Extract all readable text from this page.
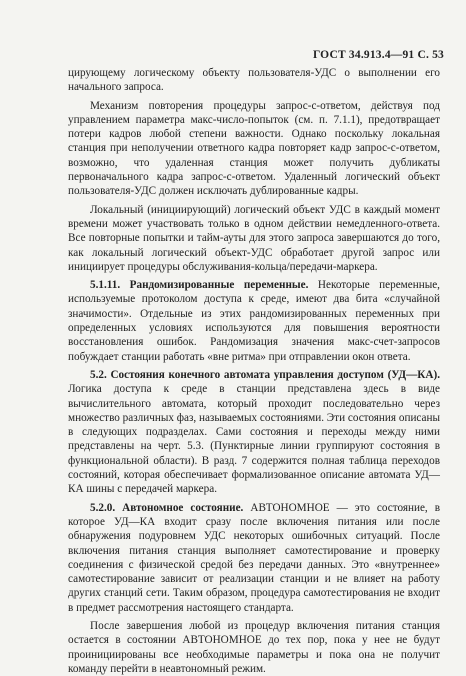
ГОСТ 34.913.4—91 С. 53

цирующему логическому объекту пользователя-УДС о выполнении его начального запроса.

Механизм повторения процедуры запрос-с-ответом, действуя под управлением параметра макс-число-попыток (см. п. 7.1.1), предотвращает потери кадров любой степени важности. Однако поскольку локальная станция при неполучении ответного кадра повторяет кадр запрос-с-ответом, возможно, что удаленная станция может получить дубликаты первоначального кадра запрос-с-ответом. Удаленный логический объект пользователя-УДС должен исключать дублированные кадры.

Локальный (инициирующий) логический объект УДС в каждый момент времени может участвовать только в одном действии немедленного-ответа. Все повторные попытки и тайм-ауты для этого запроса завершаются до того, как локальный логический объект-УДС обработает другой запрос или инициирует процедуры обслуживания-кольца/передачи-маркера.

5.1.11. Рандомизированные переменные. Некоторые переменные, используемые протоколом доступа к среде, имеют два бита «случайной значимости». Отдельные из этих рандомизированных переменных при определенных условиях используются для повышения вероятности восстановления ошибок. Рандомизация значения макс-счет-запросов побуждает станции работать «вне ритма» при отправлении окон ответа.

5.2. Состояния конечного автомата управления доступом (УД—КА). Логика доступа к среде в станции представлена здесь в виде вычислительного автомата, который проходит последовательно через множество различных фаз, называемых состояниями. Эти состояния описаны в следующих подразделах. Сами состояния и переходы между ними представлены на черт. 5.3. (Пунктирные линии группируют состояния в функциональной области). В разд. 7 содержится полная таблица переходов состояний, которая обеспечивает формализованное описание автомата УД—КА шины с передачей маркера.

5.2.0. Автономное состояние. АВТОНОМНОЕ — это состояние, в которое УД—КА входит сразу после включения питания или после обнаружения подуровнем УДС некоторых ошибочных ситуаций. После включения питания станция выполняет самотестирование и проверку соединения с физической средой без передачи данных. Это «внутреннее» самотестирование зависит от реализации станции и не влияет на работу других станций сети. Таким образом, процедура самотестирования не входит в предмет рассмотрения настоящего стандарта.

После завершения любой из процедур включения питания станция остается в состоянии АВТОНОМНОЕ до тех пор, пока у нее не будут проинициированы все необходимые параметры и пока она не получит команду перейти в неавтономный режим.
